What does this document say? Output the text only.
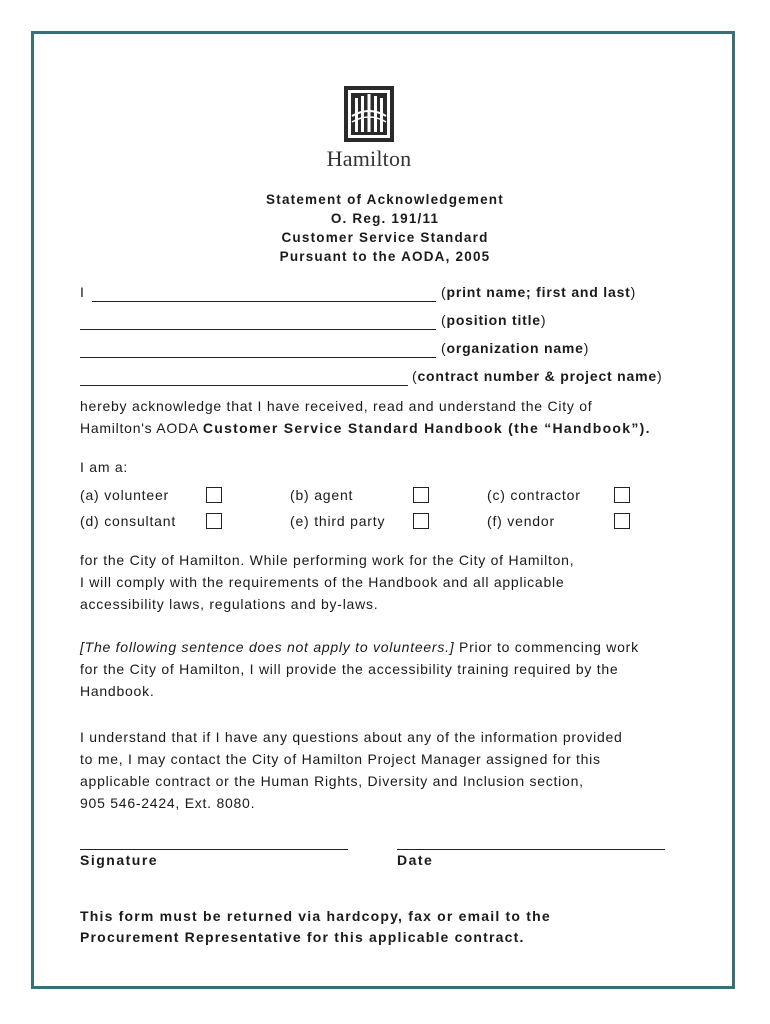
Hamilton
Statement of Acknowledgement
O. Reg. 191/11
Customer Service Standard
Pursuant to the AODA, 2005
I	(print name; first and last)
(position title)
(organization name)
(contract number & project name)
hereby acknowledge that I have received, read and understand the City of
Hamilton's AODA Customer Service Standard Handbook (the “Handbook”).
I am a:
(a) volunteer	(b) agent	(c) contractor
(d) consultant	(e) third party	(f) vendor
for the City of Hamilton. While performing work for the City of Hamilton,
I will comply with the requirements of the Handbook and all applicable
accessibility laws, regulations and by-laws.
[The following sentence does not apply to volunteers.] Prior to commencing work
for the City of Hamilton, I will provide the accessibility training required by the
Handbook.
I understand that if I have any questions about any of the information provided
to me, I may contact the City of Hamilton Project Manager assigned for this
applicable contract or the Human Rights, Diversity and Inclusion section,
905 546-2424, Ext. 8080.
Signature	Date
This form must be returned via hardcopy, fax or email to the
Procurement Representative for this applicable contract.
